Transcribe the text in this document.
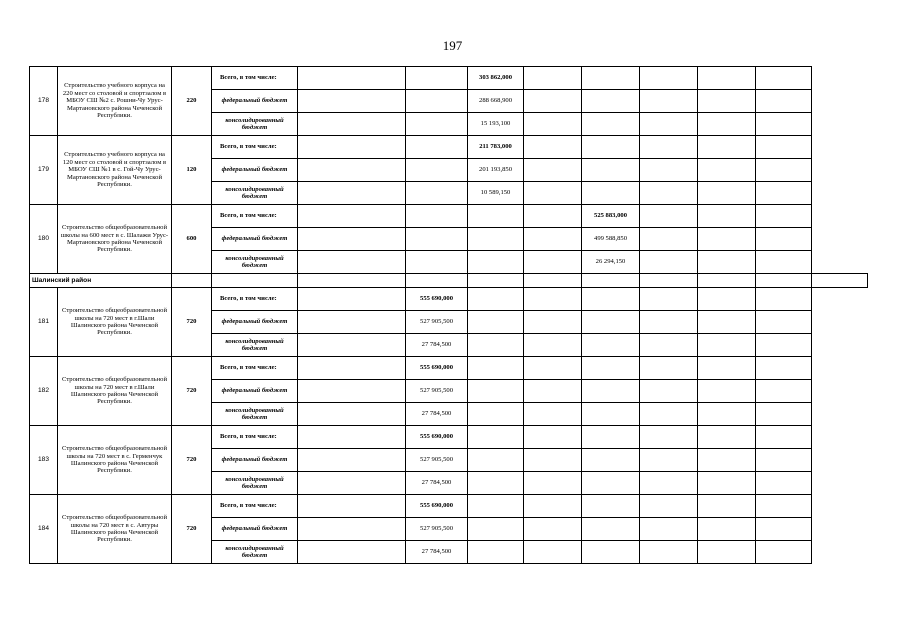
197
178	Строительство учебного корпуса на 220 мест со столовой и спортзалом в МБОУ СШ №2 с. Рошни-Чу Урус-Мартановского района Чеченской Республики.	220	Всего, в том числе:			303 862,000						
			федеральный бюджет			288 668,900						
			консолидированный бюджет			15 193,100						
179	Строительство учебного корпуса на 120 мест со столовой и спортзалом в МБОУ СШ №1 в с. Гой-Чу Урус-Мартановского района Чеченской Республики.	120	Всего, в том числе:			211 783,000						
			федеральный бюджет			201 193,850						
			консолидированный бюджет			10 589,150						
180	Строительство общеобразовательной школы на 600 мест в с. Шалажи Урус-Мартановского района Чеченской Республики.	600	Всего, в том числе:					525 883,000				
			федеральный бюджет					499 588,850				
			консолидированный бюджет					26 294,150				
Шалинский район												
181	Строительство общеобразовательной школы на 720 мест в г.Шали Шалинского района Чеченской Республики.	720	Всего, в том числе:		555 690,000							
			федеральный бюджет		527 905,500							
			консолидированный бюджет		27 784,500							
182	Строительство общеобразовательной школы на 720 мест в г.Шали Шалинского района Чеченской Республики.	720	Всего, в том числе:		555 690,000							
			федеральный бюджет		527 905,500							
			консолидированный бюджет		27 784,500							
183	Строительство общеобразовательной школы на 720 мест в с. Герменчук Шалинского района Чеченской Республики.	720	Всего, в том числе:		555 690,000							
			федеральный бюджет		527 905,500							
			консолидированный бюджет		27 784,500							
184	Строительство общеобразовательной школы на 720 мест в с. Автуры Шалинского района Чеченской Республики.	720	Всего, в том числе:		555 690,000							
			федеральный бюджет		527 905,500							
			консолидированный бюджет		27 784,500							
